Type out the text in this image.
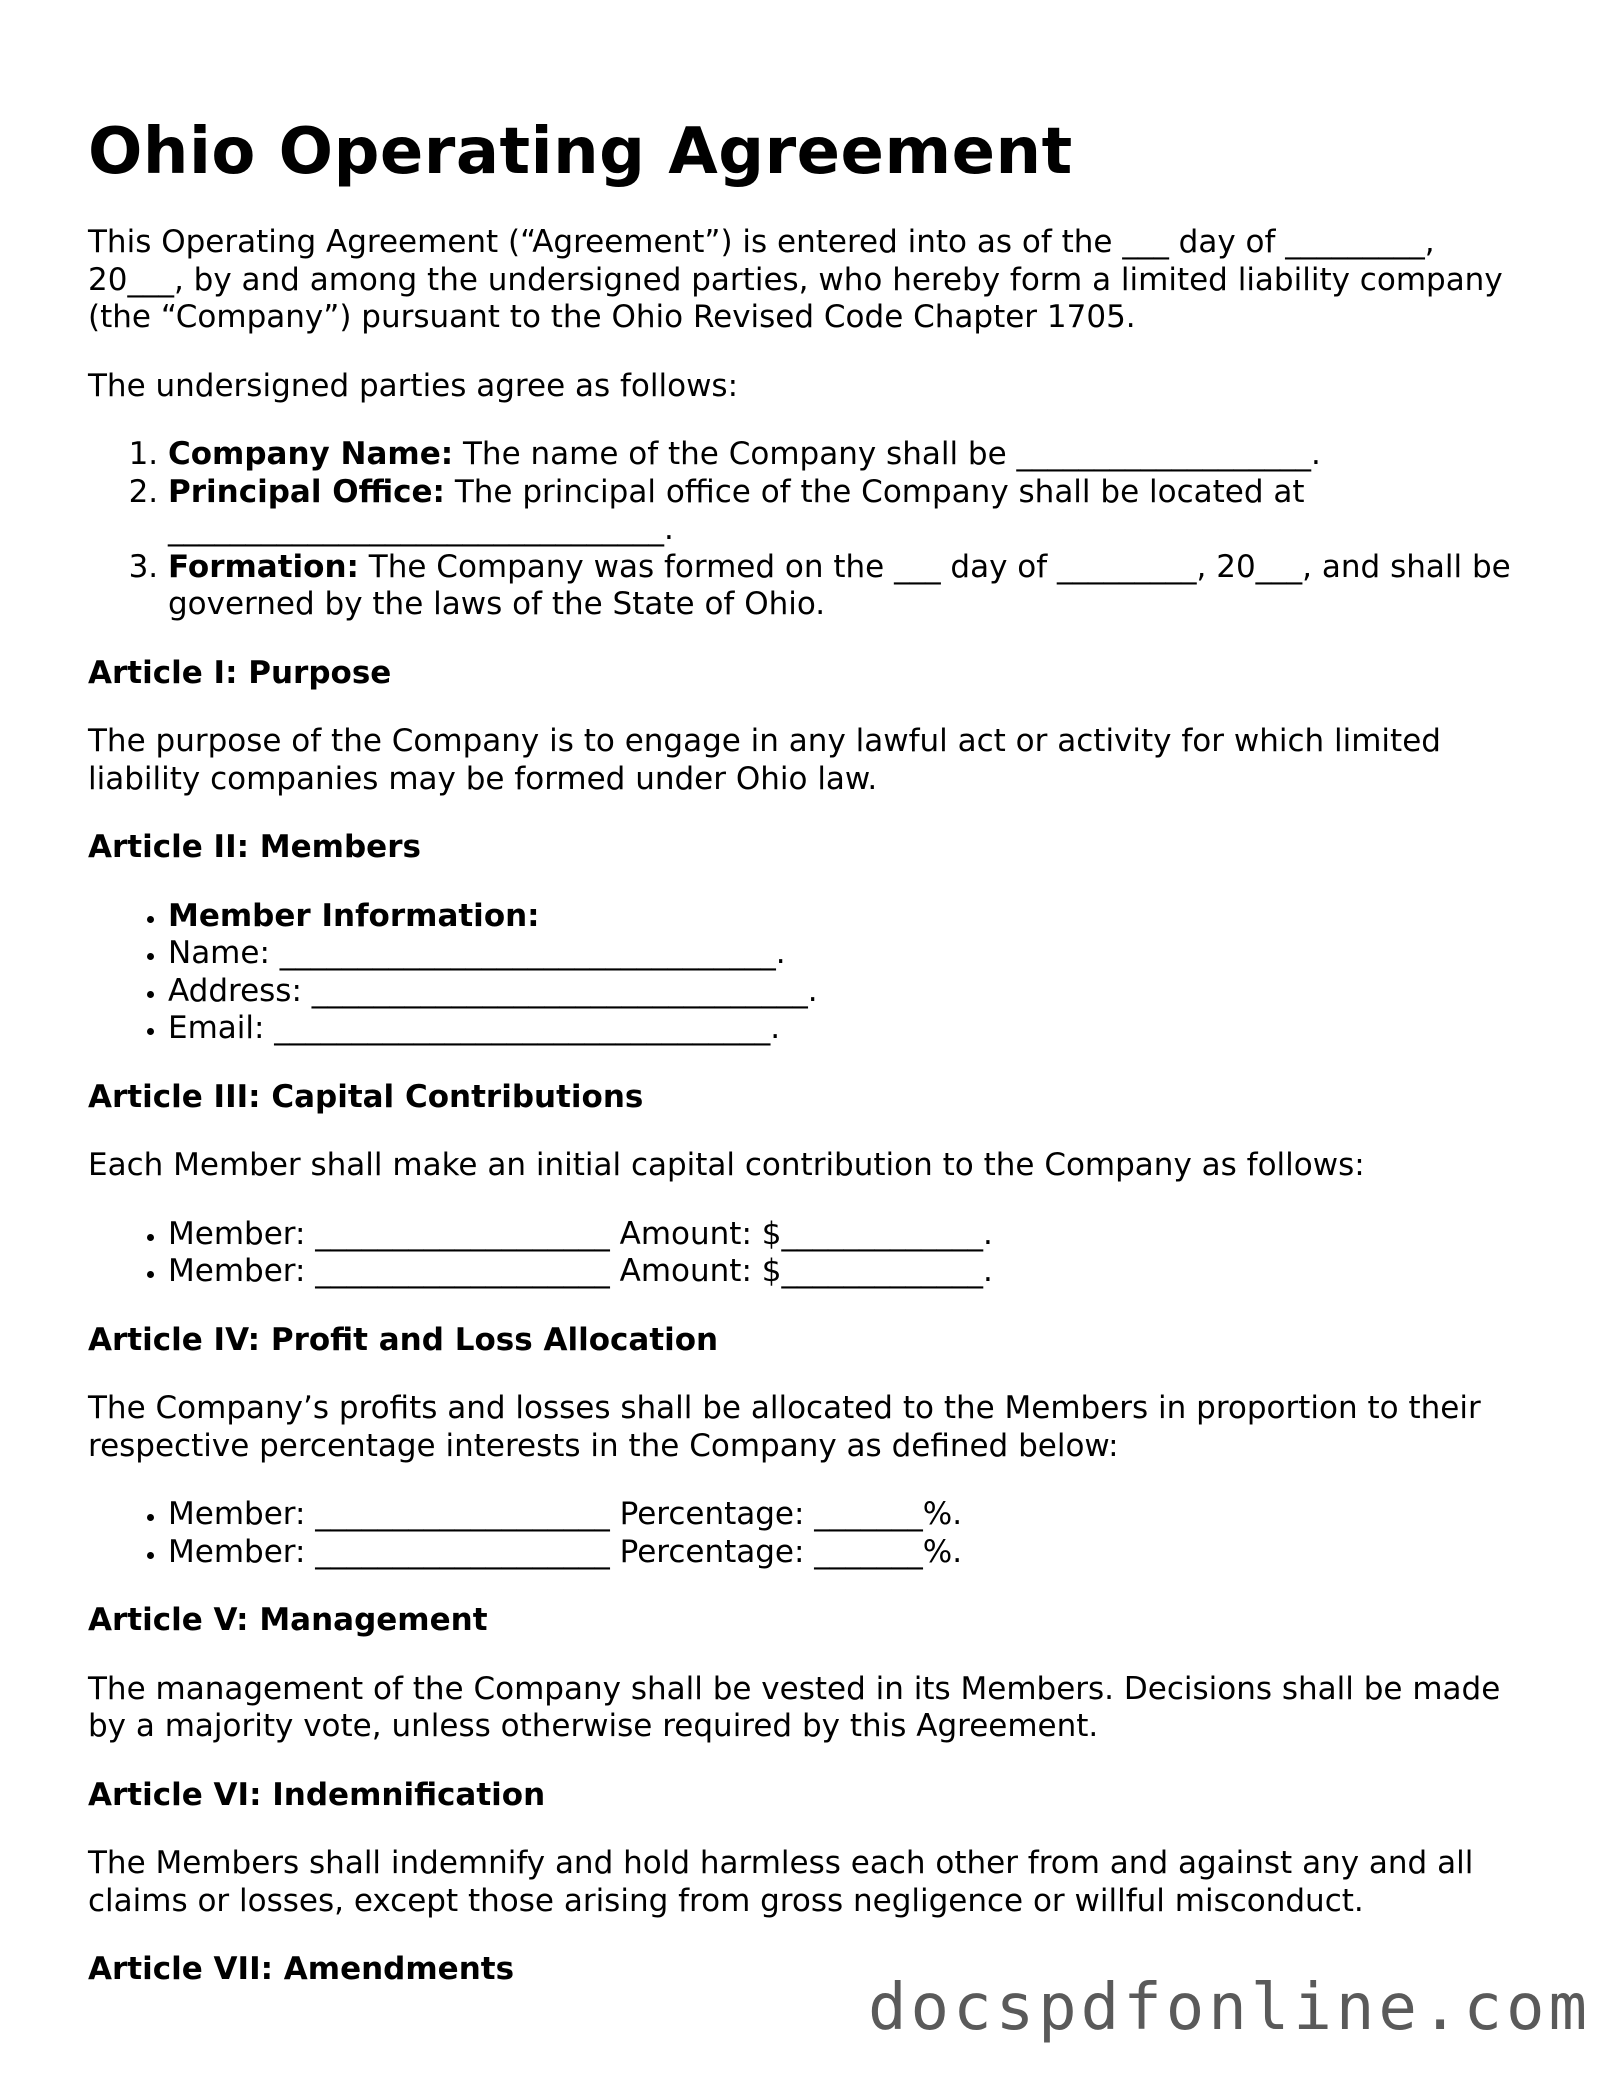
Ohio Operating Agreement

This Operating Agreement (“Agreement”) is entered into as of the ___ day of _________, 20___, by and among the undersigned parties, who hereby form a limited liability company (the “Company”) pursuant to the Ohio Revised Code Chapter 1705.

The undersigned parties agree as follows:

1. Company Name: The name of the Company shall be ___________________.
2. Principal Office: The principal office of the Company shall be located at ________________________________.
3. Formation: The Company was formed on the ___ day of _________, 20___, and shall be governed by the laws of the State of Ohio.
Article I: Purpose

The purpose of the Company is to engage in any lawful act or activity for which limited liability companies may be formed under Ohio law.

Article II: Members
• Member Information:
• Name: ________________________________.
• Address: ________________________________.
• Email: ________________________________.
Article III: Capital Contributions

Each Member shall make an initial capital contribution to the Company as follows:

• Member: ___________________ Amount: $_____________.
• Member: ___________________ Amount: $_____________.
Article IV: Profit and Loss Allocation

The Company’s profits and losses shall be allocated to the Members in proportion to their respective percentage interests in the Company as defined below:

• Member: ___________________ Percentage: _______%.
• Member: ___________________ Percentage: _______%.
Article V: Management

The management of the Company shall be vested in its Members. Decisions shall be made by a majority vote, unless otherwise required by this Agreement.

Article VI: Indemnification

The Members shall indemnify and hold harmless each other from and against any and all claims or losses, except those arising from gross negligence or willful misconduct.

Article VII: Amendments
docspdfonline.com
